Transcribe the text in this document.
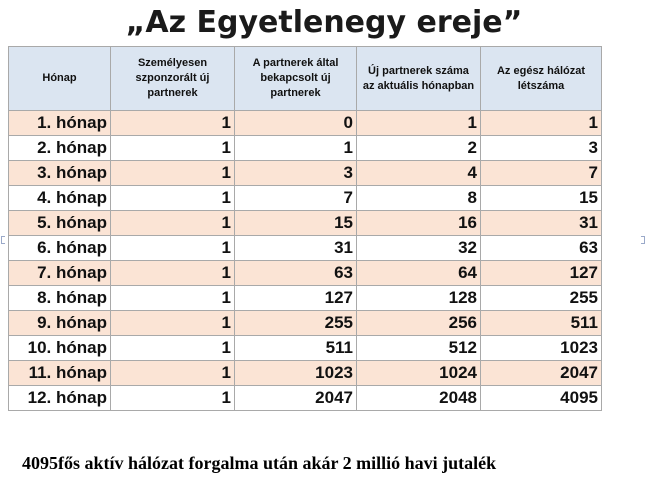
„Az Egyetlenegy ereje”
Hónap	Személyesen szponzorált új partnerek	A partnerek által bekapcsolt új partnerek	Új partnerek száma az aktuális hónapban	Az egész hálózat létszáma
1. hónap	1	0	1	1
2. hónap	1	1	2	3
3. hónap	1	3	4	7
4. hónap	1	7	8	15
5. hónap	1	15	16	31
6. hónap	1	31	32	63
7. hónap	1	63	64	127
8. hónap	1	127	128	255
9. hónap	1	255	256	511
10. hónap	1	511	512	1023
11. hónap	1	1023	1024	2047
12. hónap	1	2047	2048	4095

4095fős aktív hálózat forgalma után akár 2 millió havi jutalék
